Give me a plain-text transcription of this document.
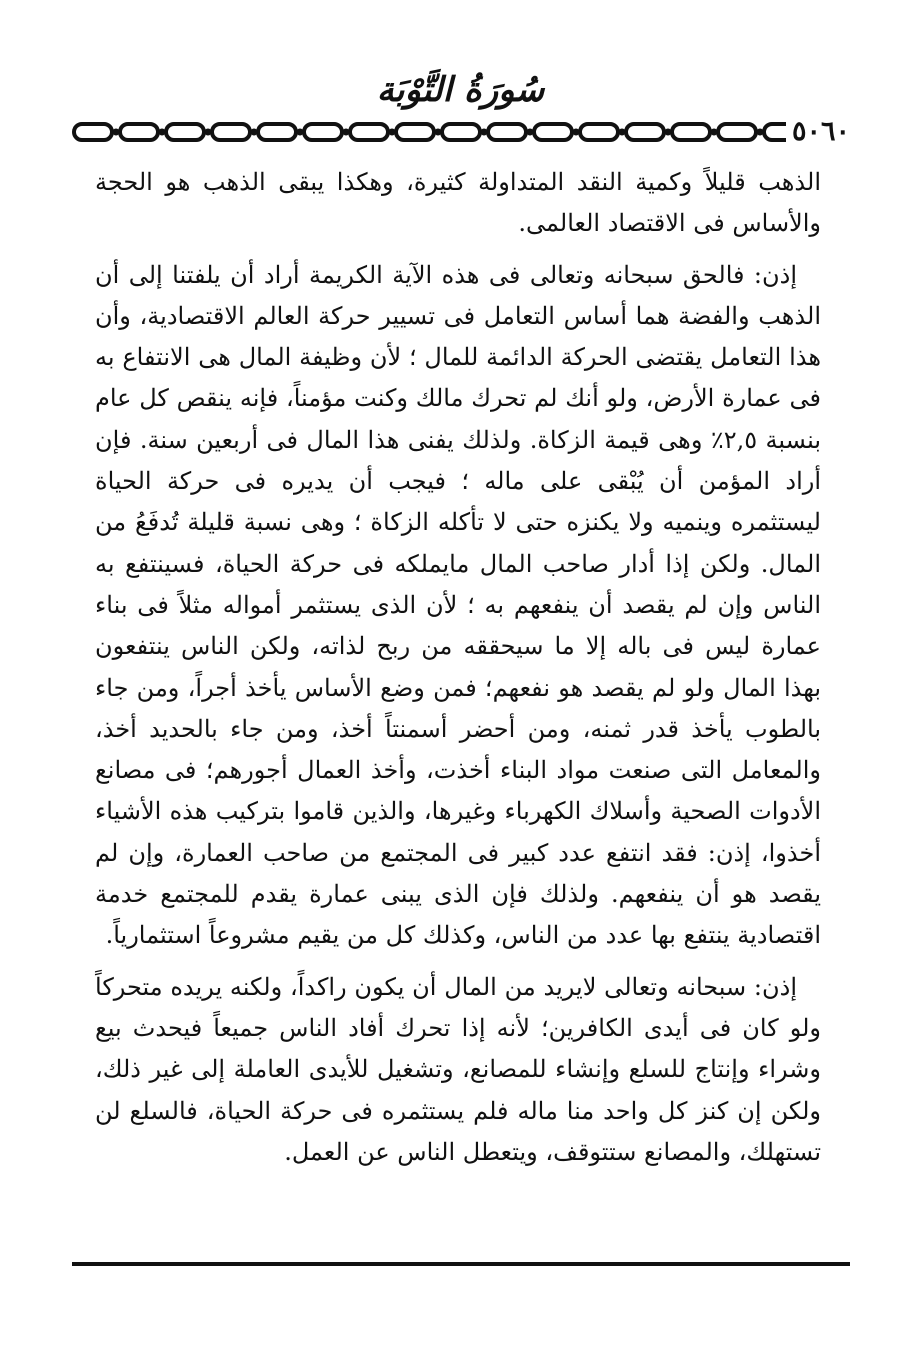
سُورَةُ التَّوْبَة
٥٠٦٠

الذهب قليلاً وكمية النقد المتداولة كثيرة، وهكذا يبقى الذهب هو الحجة والأساس فى الاقتصاد العالمى.

إذن: فالحق سبحانه وتعالى فى هذه الآية الكريمة أراد أن يلفتنا إلى أن الذهب والفضة هما أساس التعامل فى تسيير حركة العالم الاقتصادية، وأن هذا التعامل يقتضى الحركة الدائمة للمال ؛ لأن وظيفة المال هى الانتفاع به فى عمارة الأرض، ولو أنك لم تحرك مالك وكنت مؤمناً، فإنه ينقص كل عام بنسبة ٢,٥٪ وهى قيمة الزكاة. ولذلك يفنى هذا المال فى أربعين سنة. فإن أراد المؤمن أن يُبْقى على ماله ؛ فيجب أن يديره فى حركة الحياة ليستثمره وينميه ولا يكنزه حتى لا تأكله الزكاة ؛ وهى نسبة قليلة تُدفَعُ من المال. ولكن إذا أدار صاحب المال مايملكه فى حركة الحياة، فسينتفع به الناس وإن لم يقصد أن ينفعهم به ؛ لأن الذى يستثمر أمواله مثلاً فى بناء عمارة ليس فى باله إلا ما سيحققه من ربح لذاته، ولكن الناس ينتفعون بهذا المال ولو لم يقصد هو نفعهم؛ فمن وضع الأساس يأخذ أجراً، ومن جاء بالطوب يأخذ قدر ثمنه، ومن أحضر أسمنتاً أخذ، ومن جاء بالحديد أخذ، والمعامل التى صنعت مواد البناء أخذت، وأخذ العمال أجورهم؛ فى مصانع الأدوات الصحية وأسلاك الكهرباء وغيرها، والذين قاموا بتركيب هذه الأشياء أخذوا، إذن: فقد انتفع عدد كبير فى المجتمع من صاحب العمارة، وإن لم يقصد هو أن ينفعهم. ولذلك فإن الذى يبنى عمارة يقدم للمجتمع خدمة اقتصادية ينتفع بها عدد من الناس، وكذلك كل من يقيم مشروعاً استثمارياً.

إذن: سبحانه وتعالى لايريد من المال أن يكون راكداً، ولكنه يريده متحركاً ولو كان فى أيدى الكافرين؛ لأنه إذا تحرك أفاد الناس جميعاً فيحدث بيع وشراء وإنتاج للسلع وإنشاء للمصانع، وتشغيل للأيدى العاملة إلى غير ذلك، ولكن إن كنز كل واحد منا ماله فلم يستثمره فى حركة الحياة، فالسلع لن تستهلك، والمصانع ستتوقف، ويتعطل الناس عن العمل.
